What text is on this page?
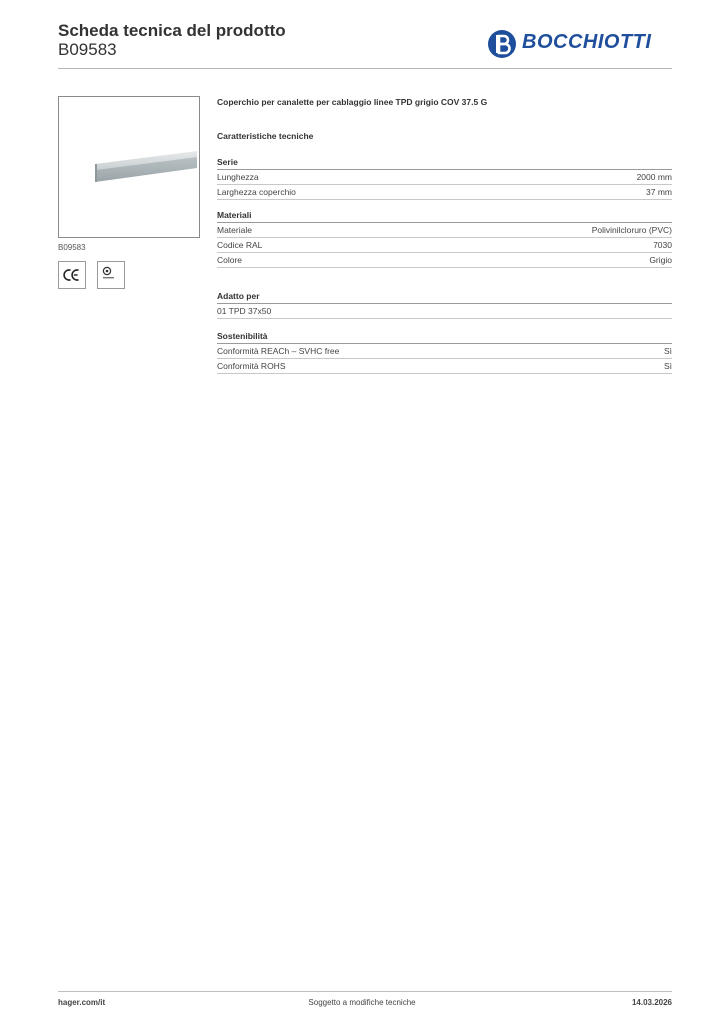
Scheda tecnica del prodotto
B09583	BOCCHIOTTI
B09583
Coperchio per canalette per cablaggio linee TPD grigio COV 37.5 G
Caratteristiche tecniche
Serie
Lunghezza	2000 mm
Larghezza coperchio	37 mm
Materiali
Materiale	Polivinilcloruro (PVC)
Codice RAL	7030
Colore	Grigio
Adatto per
01 TPD 37x50
Sostenibilità
Conformità REACh – SVHC free	Sì
Conformità ROHS	Sì
hager.com/it	Soggetto a modifiche tecniche	14.03.2026
